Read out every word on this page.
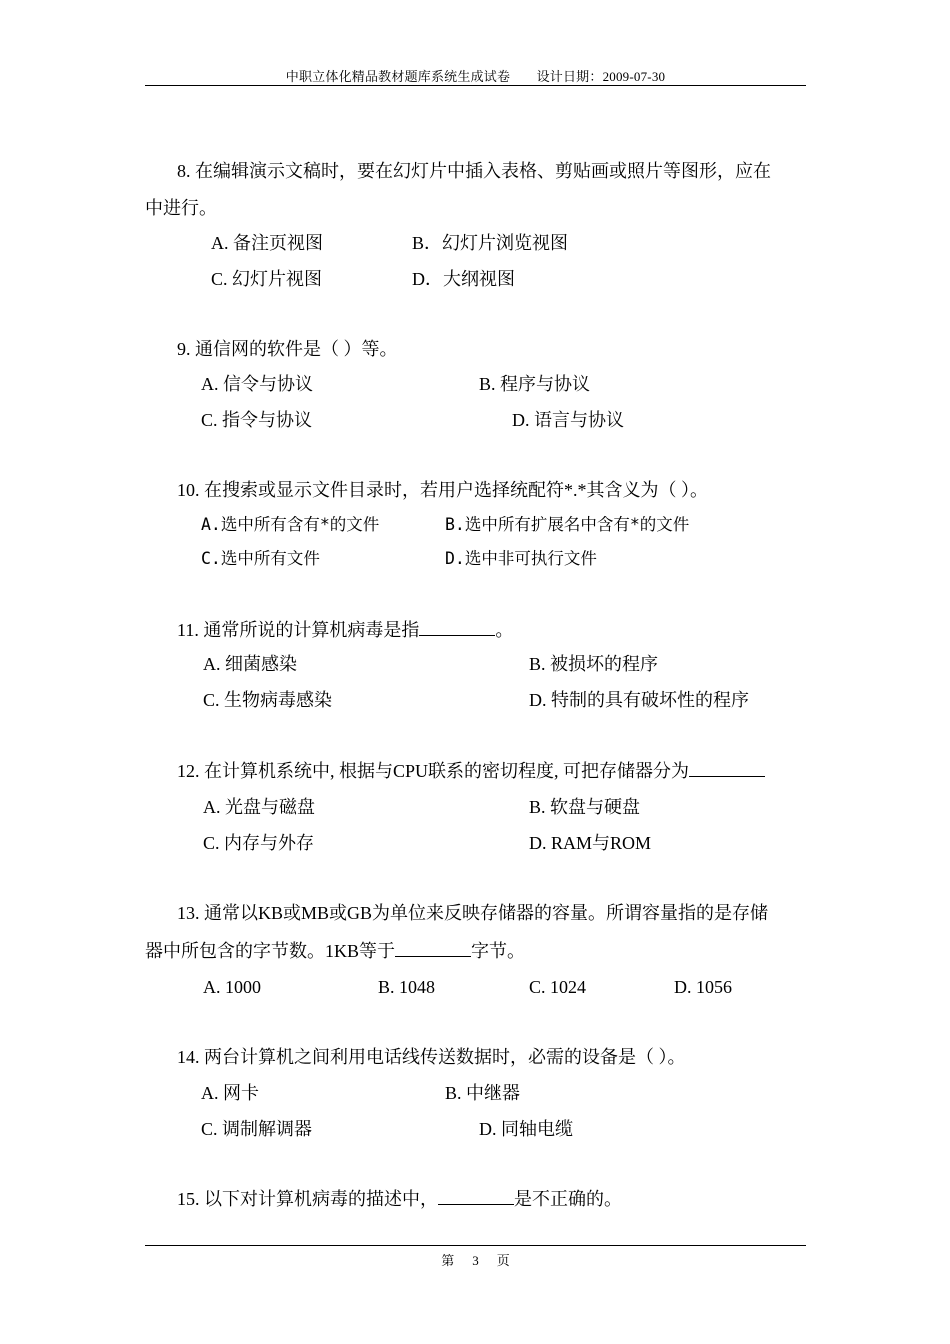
中职立体化精品教材题库系统生成试卷　　设计日期：2009-07-30
8. 在编辑演示文稿时，要在幻灯片中插入表格、剪贴画或照片等图形，应在
中进行。
A. 备注页视图	B．幻灯片浏览视图
C. 幻灯片视图	D．大纲视图
9. 通信网的软件是（ ）等。
A. 信令与协议	B. 程序与协议
C. 指令与协议	D. 语言与协议
10. 在搜索或显示文件目录时，若用户选择统配符*.*其含义为（ ）。
A.选中所有含有*的文件	B.选中所有扩展名中含有*的文件
C.选中所有文件	D.选中非可执行文件
11. 通常所说的计算机病毒是指	。
A. 细菌感染	B. 被损坏的程序
C. 生物病毒感染	D. 特制的具有破坏性的程序
12. 在计算机系统中, 根据与CPU联系的密切程度, 可把存储器分为
A. 光盘与磁盘	B. 软盘与硬盘
C. 内存与外存	D. RAM与ROM
13. 通常以KB或MB或GB为单位来反映存储器的容量。所谓容量指的是存储
器中所包含的字节数。1KB等于	字节。
A. 1000	B. 1048	C. 1024	D. 1056
14. 两台计算机之间利用电话线传送数据时，必需的设备是（ ）。
A. 网卡	B. 中继器
C. 调制解调器	D. 同轴电缆
15. 以下对计算机病毒的描述中，	是不正确的。
第 3 页
